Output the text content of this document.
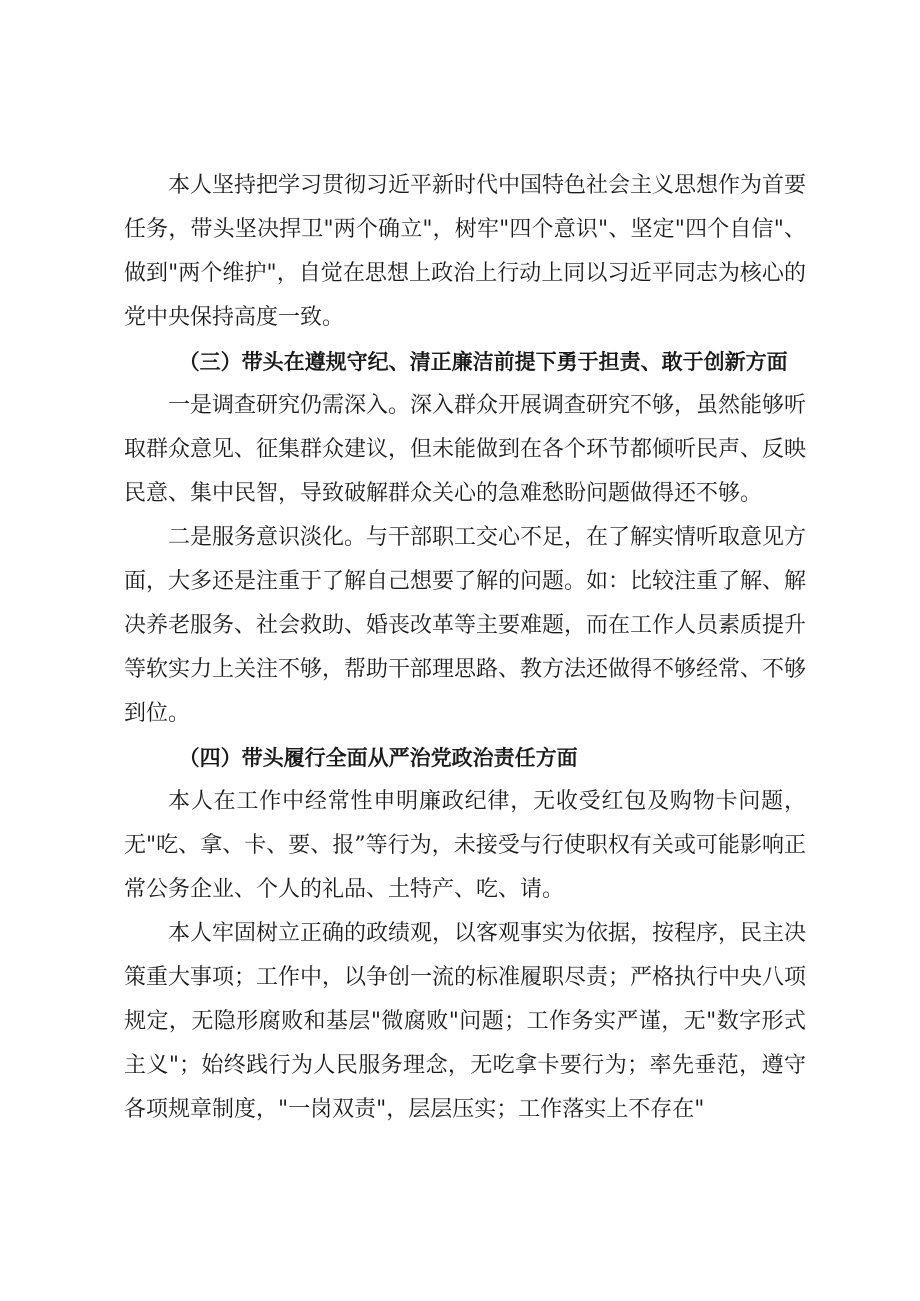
本人坚持把学习贯彻习近平新时代中国特色社会主义思想作为首要任务，带头坚决捍卫"两个确立"，树牢"四个意识"、坚定"四个自信"、做到"两个维护"，自觉在思想上政治上行动上同以习近平同志为核心的党中央保持高度一致。

（三）带头在遵规守纪、清正廉洁前提下勇于担责、敢于创新方面

一是调查研究仍需深入。深入群众开展调查研究不够，虽然能够听取群众意见、征集群众建议，但未能做到在各个环节都倾听民声、反映民意、集中民智，导致破解群众关心的急难愁盼问题做得还不够。

二是服务意识淡化。与干部职工交心不足，在了解实情听取意见方面，大多还是注重于了解自己想要了解的问题。如：比较注重了解、解决养老服务、社会救助、婚丧改革等主要难题，而在工作人员素质提升等软实力上关注不够，帮助干部理思路、教方法还做得不够经常、不够到位。

（四）带头履行全面从严治党政治责任方面

本人在工作中经常性申明廉政纪律，无收受红包及购物卡问题，无"吃、拿、卡、要、报”等行为，未接受与行使职权有关或可能影响正常公务企业、个人的礼品、土特产、吃、请。

本人牢固树立正确的政绩观，以客观事实为依据，按程序，民主决策重大事项；工作中，以争创一流的标准履职尽责；严格执行中央八项规定，无隐形腐败和基层"微腐败"问题；工作务实严谨，无"数字形式主义"；始终践行为人民服务理念，无吃拿卡要行为；率先垂范，遵守各项规章制度，"一岗双责"，层层压实；工作落实上不存在"
